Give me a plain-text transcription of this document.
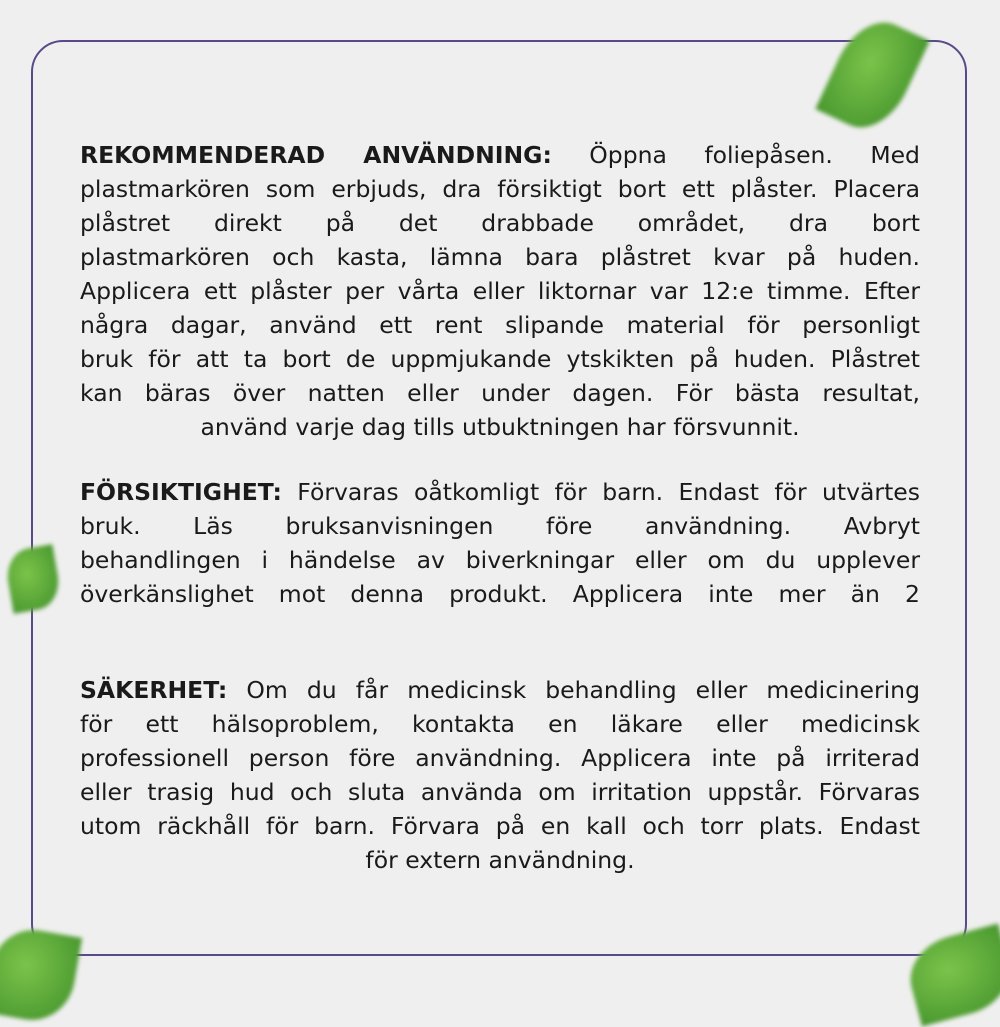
REKOMMENDERAD ANVÄNDNING: Öppna foliepåsen. Med
plastmarkören som erbjuds, dra försiktigt bort ett plåster. Placera
plåstret direkt på det drabbade området, dra bort
plastmarkören och kasta, lämna bara plåstret kvar på huden.
Applicera ett plåster per vårta eller liktornar var 12:e timme. Efter
några dagar, använd ett rent slipande material för personligt
bruk för att ta bort de uppmjukande ytskikten på huden. Plåstret
kan bäras över natten eller under dagen. För bästa resultat,
använd varje dag tills utbuktningen har försvunnit.
FÖRSIKTIGHET: Förvaras oåtkomligt för barn. Endast för utvärtes
bruk. Läs bruksanvisningen före användning. Avbryt
behandlingen i händelse av biverkningar eller om du upplever
överkänslighet mot denna produkt. Applicera inte mer än 2
SÄKERHET: Om du får medicinsk behandling eller medicinering
för ett hälsoproblem, kontakta en läkare eller medicinsk
professionell person före användning. Applicera inte på irriterad
eller trasig hud och sluta använda om irritation uppstår. Förvaras
utom räckhåll för barn. Förvara på en kall och torr plats. Endast
för extern användning.
